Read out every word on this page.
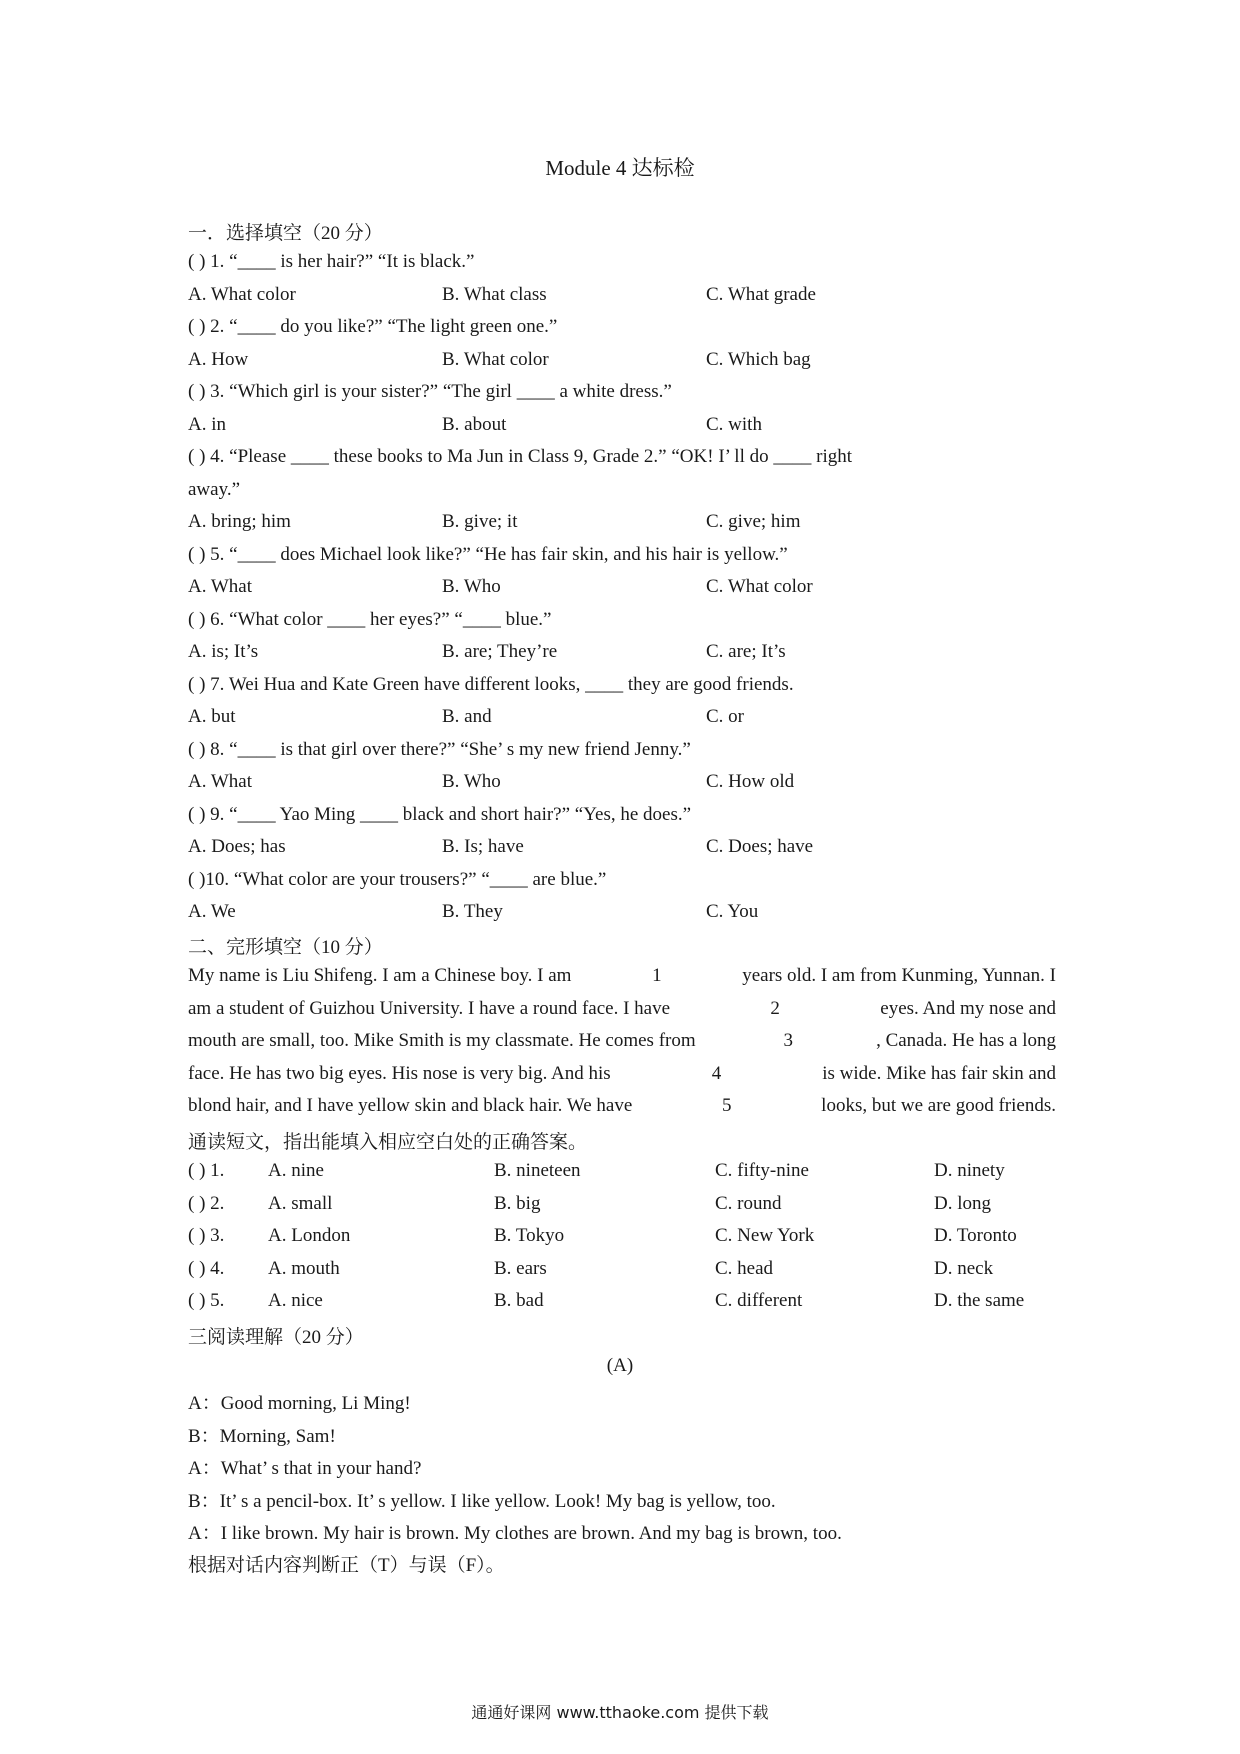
Module 4 达标检
一．选择填空（20 分）
( ) 1. “____ is her hair?” “It is black.”
A. What color	B. What class	C. What grade
( ) 2. “____ do you like?” “The light green one.”
A. How	B. What color	C. Which bag
( ) 3. “Which girl is your sister?” “The girl ____ a white dress.”
A. in	B. about	C. with
( ) 4. “Please ____ these books to Ma Jun in Class 9, Grade 2.” “OK! I’ ll do ____ right
away.”
A. bring; him	B. give; it	C. give; him
( ) 5. “____ does Michael look like?” “He has fair skin, and his hair is yellow.”
A. What	B. Who	C. What color
( ) 6. “What color ____ her eyes?” “____ blue.”
A. is; It’s	B. are; They’re	C. are; It’s
( ) 7. Wei Hua and Kate Green have different looks, ____ they are good friends.
A. but	B. and	C. or
( ) 8. “____ is that girl over there?” “She’ s my new friend Jenny.”
A. What	B. Who	C. How old
( ) 9. “____ Yao Ming ____ black and short hair?” “Yes, he does.”
A. Does; has	B. Is; have	C. Does; have
( )10. “What color are your trousers?” “____ are blue.”
A. We	B. They	C. You
二、完形填空（10 分）
My name is Liu Shifeng. I am a Chinese boy. I am	1	years old. I am from Kunming, Yunnan. I
am a student of Guizhou University. I have a round face. I have	2	eyes. And my nose and
mouth are small, too. Mike Smith is my classmate. He comes from	3	, Canada. He has a long
face. He has two big eyes. His nose is very big. And his	4	is wide. Mike has fair skin and
blond hair, and I have yellow skin and black hair. We have	5	looks, but we are good friends.
通读短文，指出能填入相应空白处的正确答案。
( ) 1. A. nine	B. nineteen	C. fifty-nine	D. ninety
( ) 2. A. small	B. big	C. round	D. long
( ) 3. A. London	B. Tokyo	C. New York	D. Toronto
( ) 4. A. mouth	B. ears	C. head	D. neck
( ) 5. A. nice	B. bad	C. different	D. the same
三阅读理解（20 分）
(A)
A：Good morning, Li Ming!
B：Morning, Sam!
A：What’ s that in your hand?
B：It’ s a pencil-box. It’ s yellow. I like yellow. Look! My bag is yellow, too.
A：I like brown. My hair is brown. My clothes are brown. And my bag is brown, too.
根据对话内容判断正（T）与误（F）。
通通好课网 www.tthaoke.com 提供下载
